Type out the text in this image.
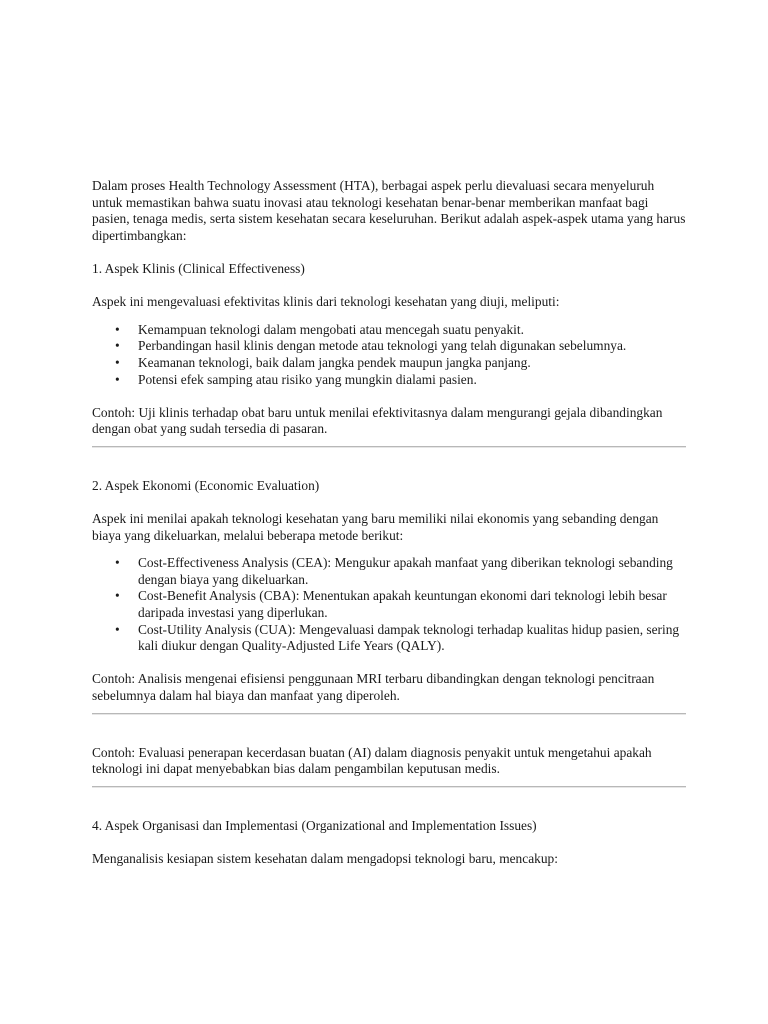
Dalam proses Health Technology Assessment (HTA), berbagai aspek perlu dievaluasi secara menyeluruh untuk memastikan bahwa suatu inovasi atau teknologi kesehatan benar-benar memberikan manfaat bagi pasien, tenaga medis, serta sistem kesehatan secara keseluruhan. Berikut adalah aspek-aspek utama yang harus dipertimbangkan:

1. Aspek Klinis (Clinical Effectiveness)

Aspek ini mengevaluasi efektivitas klinis dari teknologi kesehatan yang diuji, meliputi:

• Kemampuan teknologi dalam mengobati atau mencegah suatu penyakit.
• Perbandingan hasil klinis dengan metode atau teknologi yang telah digunakan sebelumnya.
• Keamanan teknologi, baik dalam jangka pendek maupun jangka panjang.
• Potensi efek samping atau risiko yang mungkin dialami pasien.

Contoh: Uji klinis terhadap obat baru untuk menilai efektivitasnya dalam mengurangi gejala dibandingkan dengan obat yang sudah tersedia di pasaran.

2. Aspek Ekonomi (Economic Evaluation)

Aspek ini menilai apakah teknologi kesehatan yang baru memiliki nilai ekonomis yang sebanding dengan biaya yang dikeluarkan, melalui beberapa metode berikut:

• Cost-Effectiveness Analysis (CEA): Mengukur apakah manfaat yang diberikan teknologi sebanding dengan biaya yang dikeluarkan.
• Cost-Benefit Analysis (CBA): Menentukan apakah keuntungan ekonomi dari teknologi lebih besar daripada investasi yang diperlukan.
• Cost-Utility Analysis (CUA): Mengevaluasi dampak teknologi terhadap kualitas hidup pasien, sering kali diukur dengan Quality-Adjusted Life Years (QALY).

Contoh: Analisis mengenai efisiensi penggunaan MRI terbaru dibandingkan dengan teknologi pencitraan sebelumnya dalam hal biaya dan manfaat yang diperoleh.

Contoh: Evaluasi penerapan kecerdasan buatan (AI) dalam diagnosis penyakit untuk mengetahui apakah teknologi ini dapat menyebabkan bias dalam pengambilan keputusan medis.

4. Aspek Organisasi dan Implementasi (Organizational and Implementation Issues)

Menganalisis kesiapan sistem kesehatan dalam mengadopsi teknologi baru, mencakup:
